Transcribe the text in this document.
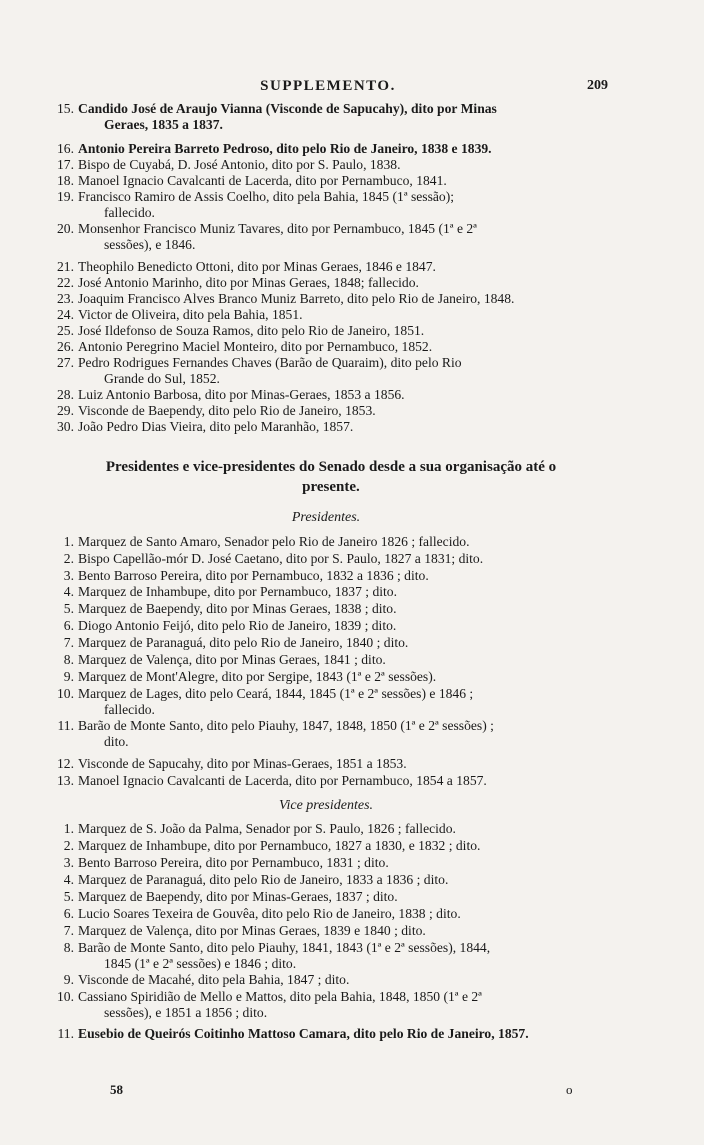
SUPPLEMENTO.	209
15. Candido José de Araujo Vianna (Visconde de Sapucahy), dito por Minas
Geraes, 1835 a 1837.
16. Antonio Pereira Barreto Pedroso, dito pelo Rio de Janeiro, 1838 e 1839.
17. Bispo de Cuyabá, D. José Antonio, dito por S. Paulo, 1838.
18. Manoel Ignacio Cavalcanti de Lacerda, dito por Pernambuco, 1841.
19. Francisco Ramiro de Assis Coelho, dito pela Bahia, 1845 (1ª sessão);
fallecido.
20. Monsenhor Francisco Muniz Tavares, dito por Pernambuco, 1845 (1ª e 2ª
sessões), e 1846.
21. Theophilo Benedicto Ottoni, dito por Minas Geraes, 1846 e 1847.
22. José Antonio Marinho, dito por Minas Geraes, 1848; fallecido.
23. Joaquim Francisco Alves Branco Muniz Barreto, dito pelo Rio de Janeiro, 1848.
24. Victor de Oliveira, dito pela Bahia, 1851.
25. José Ildefonso de Souza Ramos, dito pelo Rio de Janeiro, 1851.
26. Antonio Peregrino Maciel Monteiro, dito por Pernambuco, 1852.
27. Pedro Rodrigues Fernandes Chaves (Barão de Quaraim), dito pelo Rio
Grande do Sul, 1852.
28. Luiz Antonio Barbosa, dito por Minas-Geraes, 1853 a 1856.
29. Visconde de Baependy, dito pelo Rio de Janeiro, 1853.
30. João Pedro Dias Vieira, dito pelo Maranhão, 1857.
Presidentes e vice-presidentes do Senado desde a sua organisação até o
presente.
Presidentes.
1. Marquez de Santo Amaro, Senador pelo Rio de Janeiro 1826 ; fallecido.
2. Bispo Capellão-mór D. José Caetano, dito por S. Paulo, 1827 a 1831; dito.
3. Bento Barroso Pereira, dito por Pernambuco, 1832 a 1836 ; dito.
4. Marquez de Inhambupe, dito por Pernambuco, 1837 ; dito.
5. Marquez de Baependy, dito por Minas Geraes, 1838 ; dito.
6. Diogo Antonio Feijó, dito pelo Rio de Janeiro, 1839 ; dito.
7. Marquez de Paranaguá, dito pelo Rio de Janeiro, 1840 ; dito.
8. Marquez de Valença, dito por Minas Geraes, 1841 ; dito.
9. Marquez de Mont'Alegre, dito por Sergipe, 1843 (1ª e 2ª sessões).
10. Marquez de Lages, dito pelo Ceará, 1844, 1845 (1ª e 2ª sessões) e 1846 ;
fallecido.
11. Barão de Monte Santo, dito pelo Piauhy, 1847, 1848, 1850 (1ª e 2ª sessões) ;
dito.
12. Visconde de Sapucahy, dito por Minas-Geraes, 1851 a 1853.
13. Manoel Ignacio Cavalcanti de Lacerda, dito por Pernambuco, 1854 a 1857.
Vice presidentes.
1. Marquez de S. João da Palma, Senador por S. Paulo, 1826 ; fallecido.
2. Marquez de Inhambupe, dito por Pernambuco, 1827 a 1830, e 1832 ; dito.
3. Bento Barroso Pereira, dito por Pernambuco, 1831 ; dito.
4. Marquez de Paranaguá, dito pelo Rio de Janeiro, 1833 a 1836 ; dito.
5. Marquez de Baependy, dito por Minas-Geraes, 1837 ; dito.
6. Lucio Soares Texeira de Gouvêa, dito pelo Rio de Janeiro, 1838 ; dito.
7. Marquez de Valença, dito por Minas Geraes, 1839 e 1840 ; dito.
8. Barão de Monte Santo, dito pelo Piauhy, 1841, 1843 (1ª e 2ª sessões), 1844,
1845 (1ª e 2ª sessões) e 1846 ; dito.
9. Visconde de Macahé, dito pela Bahia, 1847 ; dito.
10. Cassiano Spiridião de Mello e Mattos, dito pela Bahia, 1848, 1850 (1ª e 2ª
sessões), e 1851 a 1856 ; dito.
11. Eusebio de Queirós Coitinho Mattoso Camara, dito pelo Rio de Janeiro, 1857.
58	o
